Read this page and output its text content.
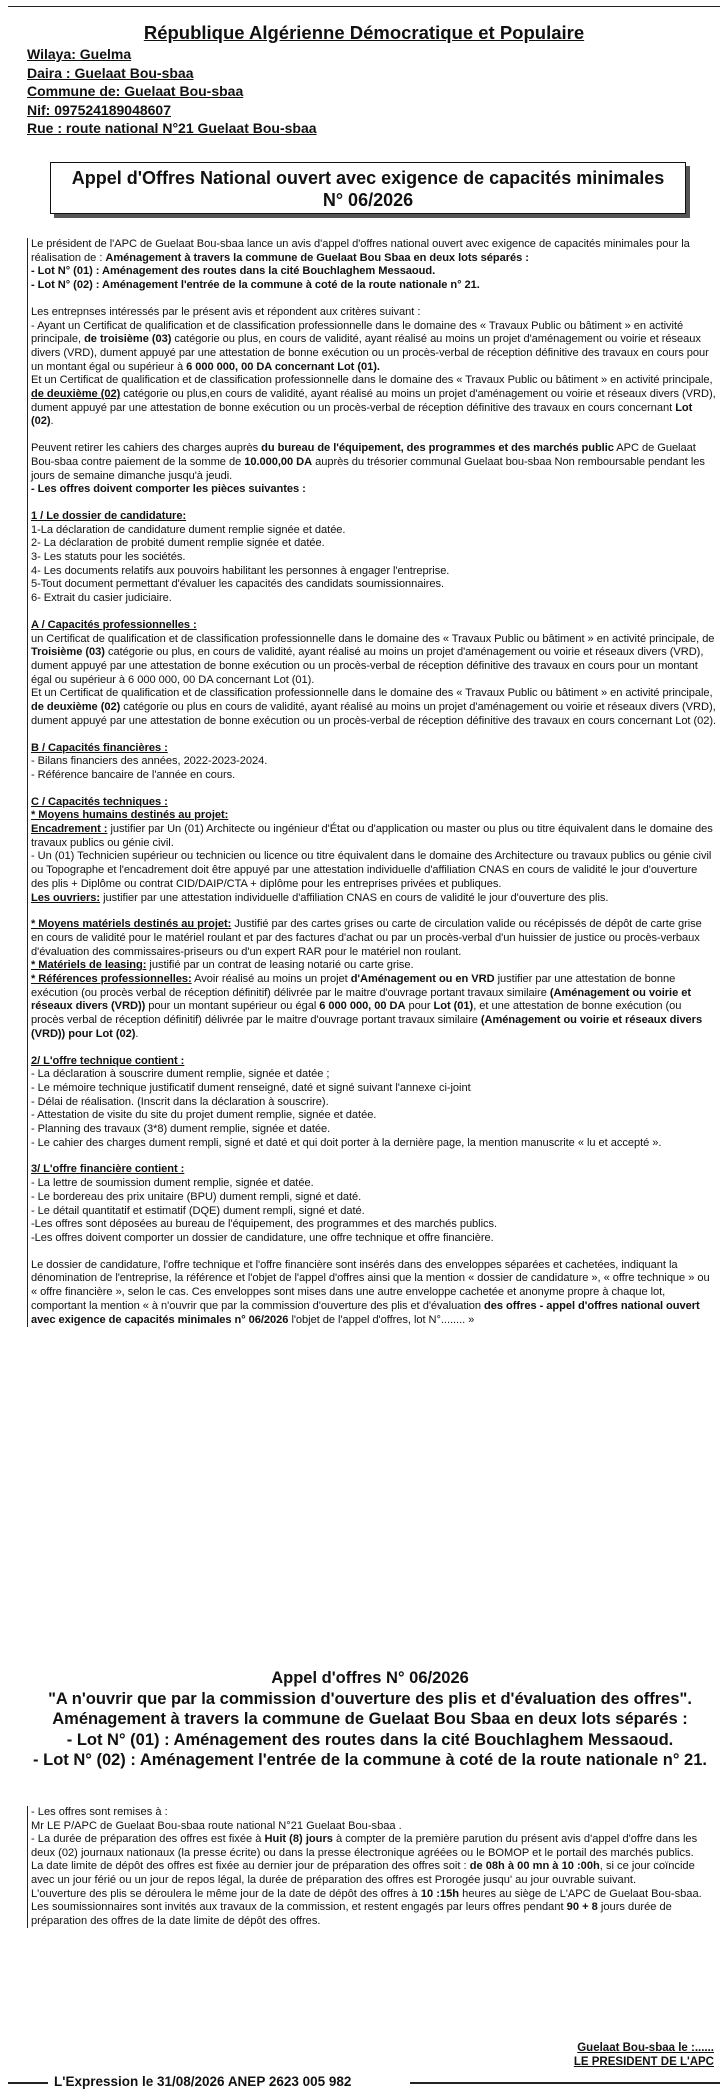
République Algérienne Démocratique et Populaire
Wilaya: Guelma
Daira : Guelaat Bou-sbaa
Commune de: Guelaat Bou-sbaa
Nif: 097524189048607
Rue : route national N°21 Guelaat Bou-sbaa
Appel d'Offres National ouvert avec exigence de capacités minimales
N° 06/2026

Le président de l'APC de Guelaat Bou-sbaa lance un avis d'appel d'offres national ouvert avec exigence de capacités minimales pour la réalisation de : Aménagement à travers la commune de Guelaat Bou Sbaa en deux lots séparés :

- Lot N° (01) : Aménagement des routes dans la cité Bouchlaghem Messaoud.

- Lot N° (02) : Aménagement l'entrée de la commune à coté de la route nationale n° 21.

Les entrepnses intéressés par le présent avis et répondent aux critères suivant :

- Ayant un Certificat de qualification et de classification professionnelle dans le domaine des « Travaux Public ou bâtiment » en activité principale, de troisième (03) catégorie ou plus, en cours de validité, ayant réalisé au moins un projet d'aménagement ou voirie et réseaux divers (VRD), dument appuyé par une attestation de bonne exécution ou un procès-verbal de réception définitive des travaux en cours pour un montant égal ou supérieur à 6 000 000, 00 DA concernant Lot (01).

Et un Certificat de qualification et de classification professionnelle dans le domaine des « Travaux Public ou bâtiment » en activité principale, de deuxième (02) catégorie ou plus,en cours de validité, ayant réalisé au moins un projet d'aménagement ou voirie et réseaux divers (VRD), dument appuyé par une attestation de bonne exécution ou un procès-verbal de réception définitive des travaux en cours concernant Lot (02).

Peuvent retirer les cahiers des charges auprès du bureau de l'équipement, des programmes et des marchés public APC de Guelaat Bou-sbaa contre paiement de la somme de 10.000,00 DA auprès du trésorier communal Guelaat bou-sbaa Non remboursable pendant les jours de semaine dimanche jusqu'à jeudi.

- Les offres doivent comporter les pièces suivantes :

1 / Le dossier de candidature:

1-La déclaration de candidature dument remplie signée et datée.

2- La déclaration de probité dument remplie signée et datée.

3- Les statuts pour les sociétés.

4- Les documents relatifs aux pouvoirs habilitant les personnes à engager l'entreprise.

5-Tout document permettant d'évaluer les capacités des candidats soumissionnaires.

6- Extrait du casier judiciaire.

A / Capacités professionnelles :

un Certificat de qualification et de classification professionnelle dans le domaine des « Travaux Public ou bâtiment » en activité principale, de Troisième (03) catégorie ou plus, en cours de validité, ayant réalisé au moins un projet d'aménagement ou voirie et réseaux divers (VRD), dument appuyé par une attestation de bonne exécution ou un procès-verbal de réception définitive des travaux en cours pour un montant égal ou supérieur à 6 000 000, 00 DA concernant Lot (01).

Et un Certificat de qualification et de classification professionnelle dans le domaine des « Travaux Public ou bâtiment » en activité principale, de deuxième (02) catégorie ou plus en cours de validité, ayant réalisé au moins un projet d'aménagement ou voirie et réseaux divers (VRD), dument appuyé par une attestation de bonne exécution ou un procès-verbal de réception définitive des travaux en cours concernant Lot (02).

B / Capacités financières :

- Bilans financiers des années, 2022-2023-2024.

- Référence bancaire de l'année en cours.

C / Capacités techniques :

* Moyens humains destinés au projet:

Encadrement : justifier par Un (01) Architecte ou ingénieur d'État ou d'application ou master ou plus ou titre équivalent dans le domaine des travaux publics ou génie civil.

- Un (01) Technicien supérieur ou technicien ou licence ou titre équivalent dans le domaine des Architecture ou travaux publics ou génie civil ou Topographe et l'encadrement doit être appuyé par une attestation individuelle d'affiliation CNAS en cours de validité le jour d'ouverture des plis + Diplôme ou contrat CID/DAIP/CTA + diplôme pour les entreprises privées et publiques.

Les ouvriers: justifier par une attestation individuelle d'affiliation CNAS en cours de validité le jour d'ouverture des plis.

* Moyens matériels destinés au projet: Justifié par des cartes grises ou carte de circulation valide ou récépissés de dépôt de carte grise en cours de validité pour le matériel roulant et par des factures d'achat ou par un procès-verbal d'un huissier de justice ou procès-verbaux d'évaluation des commissaires-priseurs ou d'un expert RAR pour le matériel non roulant.

* Matériels de leasing: justifié par un contrat de leasing notarié ou carte grise.

* Références professionnelles: Avoir réalisé au moins un projet d'Aménagement ou en VRD justifier par une attestation de bonne exécution (ou procès verbal de réception définitif) délivrée par le maitre d'ouvrage portant travaux similaire (Aménagement ou voirie et réseaux divers (VRD)) pour un montant supérieur ou égal 6 000 000, 00 DA pour Lot (01), et une attestation de bonne exécution (ou procès verbal de réception définitif) délivrée par le maitre d'ouvrage portant travaux similaire (Aménagement ou voirie et réseaux divers (VRD)) pour Lot (02).

2/ L'offre technique contient :

- La déclaration à souscrire dument remplie, signée et datée ;

- Le mémoire technique justificatif dument renseigné, daté et signé suivant l'annexe ci-joint

- Délai de réalisation. (Inscrit dans la déclaration à souscrire).

- Attestation de visite du site du projet dument remplie, signée et datée.

- Planning des travaux (3*8) dument remplie, signée et datée.

- Le cahier des charges dument rempli, signé et daté et qui doit porter à la dernière page, la mention manuscrite « lu et accepté ».

3/ L'offre financière contient :

- La lettre de soumission dument remplie, signée et datée.

- Le bordereau des prix unitaire (BPU) dument rempli, signé et daté.

- Le détail quantitatif et estimatif (DQE) dument rempli, signé et daté.

-Les offres sont déposées au bureau de l'équipement, des programmes et des marchés publics.

-Les offres doivent comporter un dossier de candidature, une offre technique et offre financière.

Le dossier de candidature, l'offre technique et l'offre financière sont insérés dans des enveloppes séparées et cachetées, indiquant la dénomination de l'entreprise, la référence et l'objet de l'appel d'offres ainsi que la mention « dossier de candidature », « offre technique » ou « offre financière », selon le cas. Ces enveloppes sont mises dans une autre enveloppe cachetée et anonyme propre à chaque lot, comportant la mention « à n'ouvrir que par la commission d'ouverture des plis et d'évaluation des offres - appel d'offres national ouvert avec exigence de capacités minimales n° 06/2026 l'objet de l'appel d'offres, lot N°........ »

Appel d'offres N° 06/2026
"A n'ouvrir que par la commission d'ouverture des plis et d'évaluation des offres".
Aménagement à travers la commune de Guelaat Bou Sbaa en deux lots séparés :
- Lot N° (01) : Aménagement des routes dans la cité Bouchlaghem Messaoud.
- Lot N° (02) : Aménagement l'entrée de la commune à coté de la route nationale n° 21.

- Les offres sont remises à :

Mr LE P/APC de Guelaat Bou-sbaa route national N°21 Guelaat Bou-sbaa .

- La durée de préparation des offres est fixée à Huit (8) jours à compter de la première parution du présent avis d'appel d'offre dans les deux (02) journaux nationaux (la presse écrite) ou dans la presse électronique agréées ou le BOMOP et le portail des marchés publics.

La date limite de dépôt des offres est fixée au dernier jour de préparation des offres soit : de 08h à 00 mn à 10 :00h, si ce jour coïncide avec un jour férié ou un jour de repos légal, la durée de préparation des offres est Prorogée jusqu' au jour ouvrable suivant.

L'ouverture des plis se déroulera le même jour de la date de dépôt des offres à 10 :15h heures au siège de L'APC de Guelaat Bou-sbaa.

Les soumissionnaires sont invités aux travaux de la commission, et restent engagés par leurs offres pendant 90 + 8 jours durée de préparation des offres de la date limite de dépôt des offres.

Guelaat Bou-sbaa le :......
LE PRESIDENT DE L'APC
L'Expression le 31/08/2026 ANEP 2623 005 982
